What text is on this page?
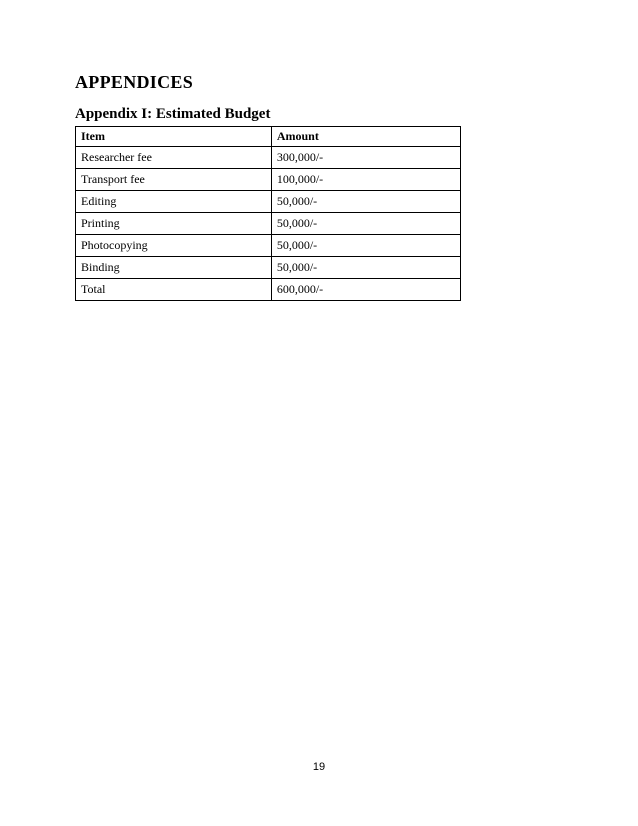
APPENDICES
Appendix I: Estimated Budget
Item	Amount
Researcher fee	300,000/-
Transport fee	100,000/-
Editing	50,000/-
Printing	50,000/-
Photocopying	50,000/-
Binding	50,000/-
Total	600,000/-
19
